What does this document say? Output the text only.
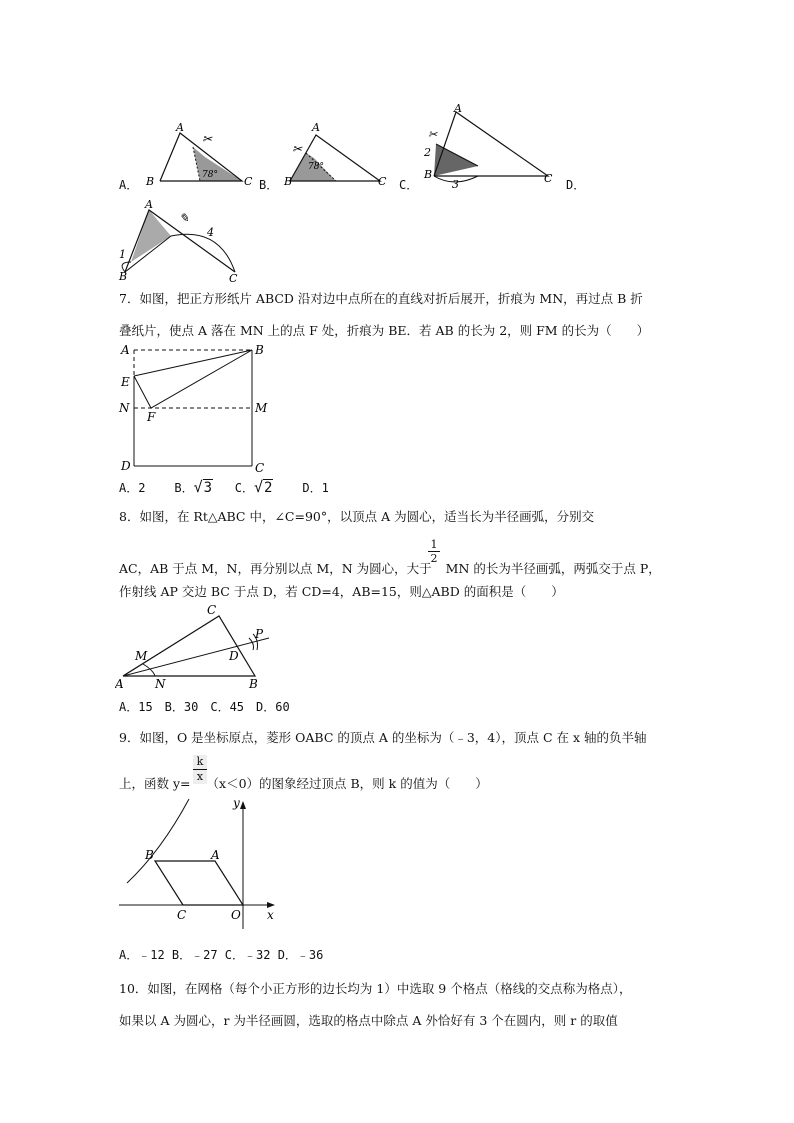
A．
A
B	C
78°
✂
B．
A
B	C
78°
✂
C．
A
B	C
2
3
✂
D．
A
B	C
1
4
✎
7．如图，把正方形纸片 ABCD 沿对边中点所在的直线对折后展开，折痕为 MN，再过点 B 折
叠纸片，使点 A 落在 MN 上的点 F 处，折痕为 BE．若 AB 的长为 2，则 FM 的长为（　　）
A	B
C
D
E
F
M
N
A．2 B．√3 C．√2 D．1
8．如图，在 Rt△ABC 中，∠C=90°，以顶点 A 为圆心，适当长为半径画弧，分别交
AC，AB 于点 M，N，再分别以点 M，N 为圆心，大于 MN 的长为半径画弧，两弧交于点 P，
$\frac{1}{2}$
作射线 AP 交边 BC 于点 D，若 CD=4，AB=15，则△ABD 的面积是（　　）
A	B
C
D
M
N
P
A．15　B．30　C．45　D．60
9．如图，O 是坐标原点，菱形 OABC 的顶点 A 的坐标为（﹣3，4），顶点 C 在 x 轴的负半轴
上，函数 y= （x＜0）的图象经过顶点 B，则 k 的值为（　　）
$\frac{k}{x}$
B	A
C	O x
y
A．﹣12 B．﹣27 C．﹣32 D．﹣36
10．如图，在网格（每个小正方形的边长均为 1）中选取 9 个格点（格线的交点称为格点），
如果以 A 为圆心，r 为半径画圆，选取的格点中除点 A 外恰好有 3 个在圆内，则 r 的取值
